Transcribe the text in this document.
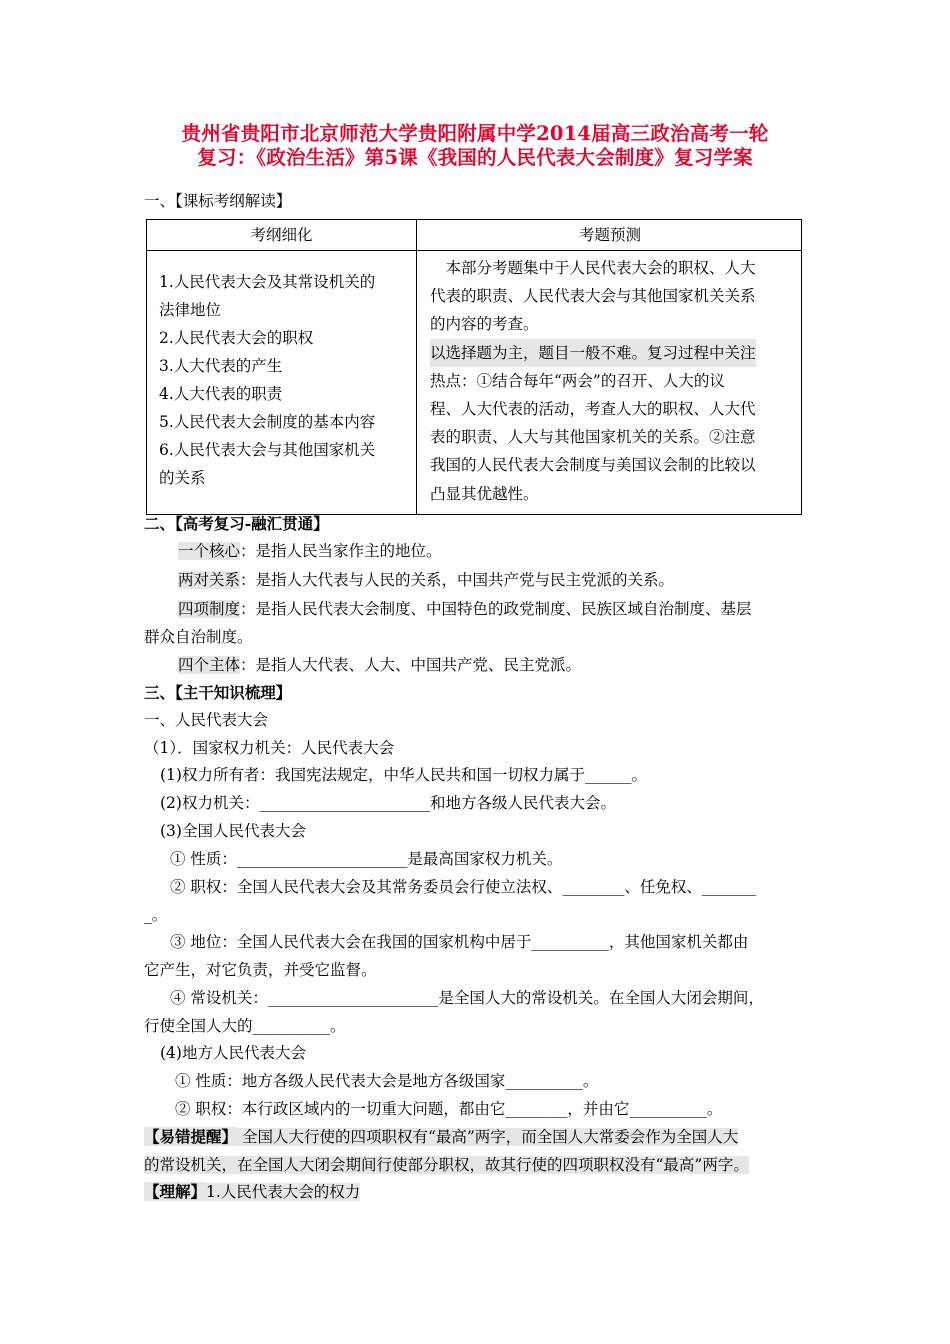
贵州省贵阳市北京师范大学贵阳附属中学2014届高三政治高考一轮
复习：《政治生活》第5课《我国的人民代表大会制度》复习学案
一、【课标考纲解读】
考纲细化	考题预测
1.人民代表大会及其常设机关的
法律地位
2.人民代表大会的职权
3.人大代表的产生
4.人大代表的职责
5.人民代表大会制度的基本内容
6.人民代表大会与其他国家机关
的关系
　本部分考题集中于人民代表大会的职权、人大
代表的职责、人民代表大会与其他国家机关关系
的内容的考查。
以选择题为主，题目一般不难。复习过程中关注
热点：①结合每年“两会”的召开、人大的议
程、人大代表的活动，考查人大的职权、人大代
表的职责、人大与其他国家机关的关系。②注意
我国的人民代表大会制度与美国议会制的比较以
凸显其优越性。
二、【高考复习-融汇贯通】
一个核心：是指人民当家作主的地位。
两对关系：是指人大代表与人民的关系，中国共产党与民主党派的关系。
四项制度：是指人民代表大会制度、中国特色的政党制度、民族区域自治制度、基层
群众自治制度。
四个主体：是指人大代表、人大、中国共产党、民主党派。
三、【主干知识梳理】
一、人民代表大会
（1）．国家权力机关：人民代表大会
(1)权力所有者：我国宪法规定，中华人民共和国一切权力属于______。
(2)权力机关：______________________和地方各级人民代表大会。
(3)全国人民代表大会
① 性质：______________________是最高国家权力机关。
② 职权：全国人民代表大会及其常务委员会行使立法权、________、任免权、_______
_。
③ 地位：全国人民代表大会在我国的国家机构中居于__________，其他国家机关都由
它产生，对它负责，并受它监督。
④ 常设机关：______________________是全国人大的常设机关。在全国人大闭会期间，
行使全国人大的__________。
(4)地方人民代表大会
① 性质：地方各级人民代表大会是地方各级国家__________。
② 职权：本行政区域内的一切重大问题，都由它________，并由它__________。
【易错提醒】 全国人大行使的四项职权有“最高”两字，而全国人大常委会作为全国人大
的常设机关，在全国人大闭会期间行使部分职权，故其行使的四项职权没有“最高”两字。
【理解】1.人民代表大会的权力
